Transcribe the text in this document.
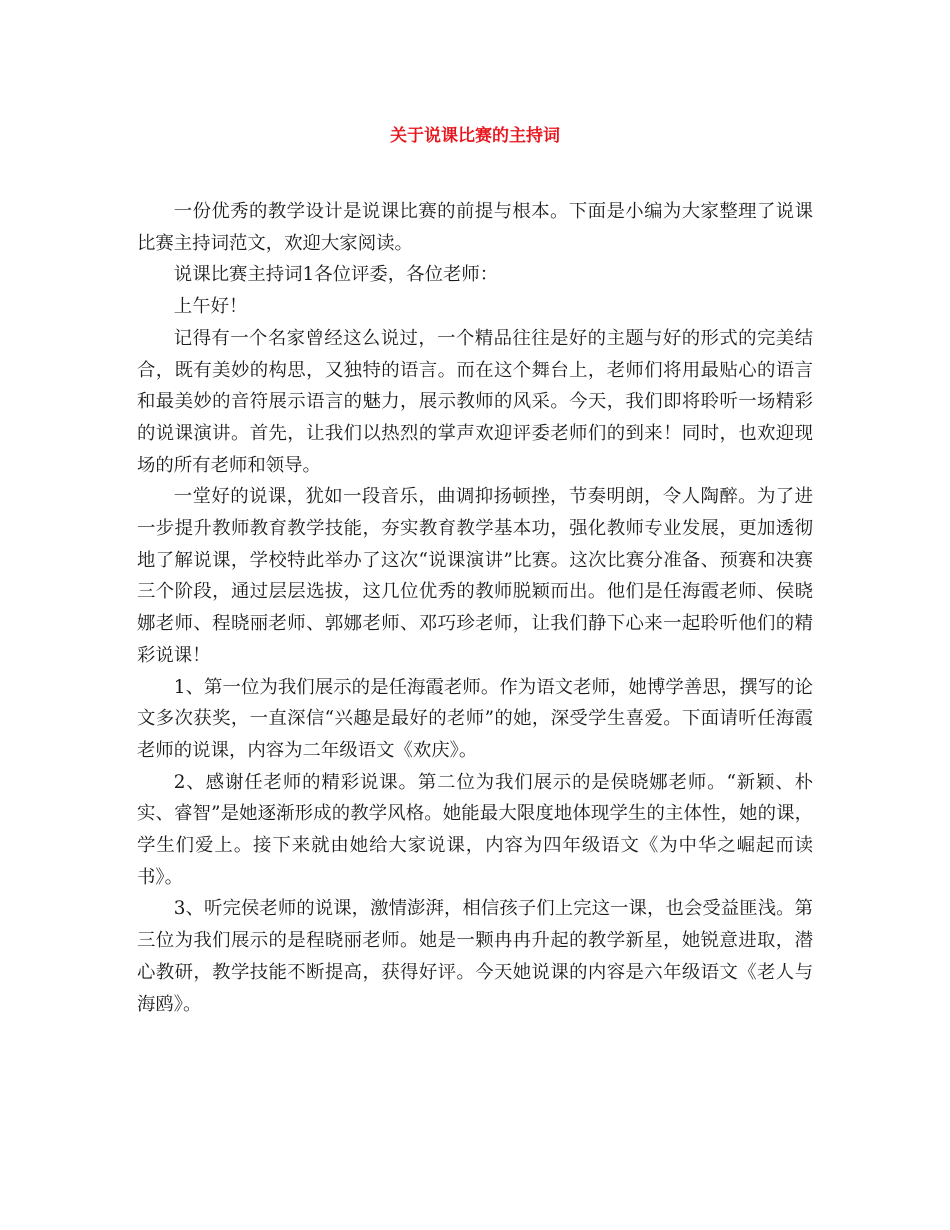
关于说课比赛的主持词

一份优秀的教学设计是说课比赛的前提与根本。下面是小编为大家整理了说课比赛主持词范文，欢迎大家阅读。

说课比赛主持词1各位评委，各位老师：

上午好！

记得有一个名家曾经这么说过，一个精品往往是好的主题与好的形式的完美结合，既有美妙的构思，又独特的语言。而在这个舞台上，老师们将用最贴心的语言和最美妙的音符展示语言的魅力，展示教师的风采。今天，我们即将聆听一场精彩的说课演讲。首先，让我们以热烈的掌声欢迎评委老师们的到来！同时，也欢迎现场的所有老师和领导。

一堂好的说课，犹如一段音乐，曲调抑扬顿挫，节奏明朗，令人陶醉。为了进一步提升教师教育教学技能，夯实教育教学基本功，强化教师专业发展，更加透彻地了解说课，学校特此举办了这次“说课演讲”比赛。这次比赛分准备、预赛和决赛三个阶段，通过层层选拔，这几位优秀的教师脱颖而出。他们是任海霞老师、侯晓娜老师、程晓丽老师、郭娜老师、邓巧珍老师，让我们静下心来一起聆听他们的精彩说课！

1、第一位为我们展示的是任海霞老师。作为语文老师，她博学善思，撰写的论文多次获奖，一直深信“兴趣是最好的老师”的她，深受学生喜爱。下面请听任海霞老师的说课，内容为二年级语文《欢庆》。

2、感谢任老师的精彩说课。第二位为我们展示的是侯晓娜老师。“新颖、朴实、睿智”是她逐渐形成的教学风格。她能最大限度地体现学生的主体性，她的课，学生们爱上。接下来就由她给大家说课，内容为四年级语文《为中华之崛起而读书》。

3、听完侯老师的说课，激情澎湃，相信孩子们上完这一课，也会受益匪浅。第三位为我们展示的是程晓丽老师。她是一颗冉冉升起的教学新星，她锐意进取，潜心教研，教学技能不断提高，获得好评。今天她说课的内容是六年级语文《老人与海鸥》。
